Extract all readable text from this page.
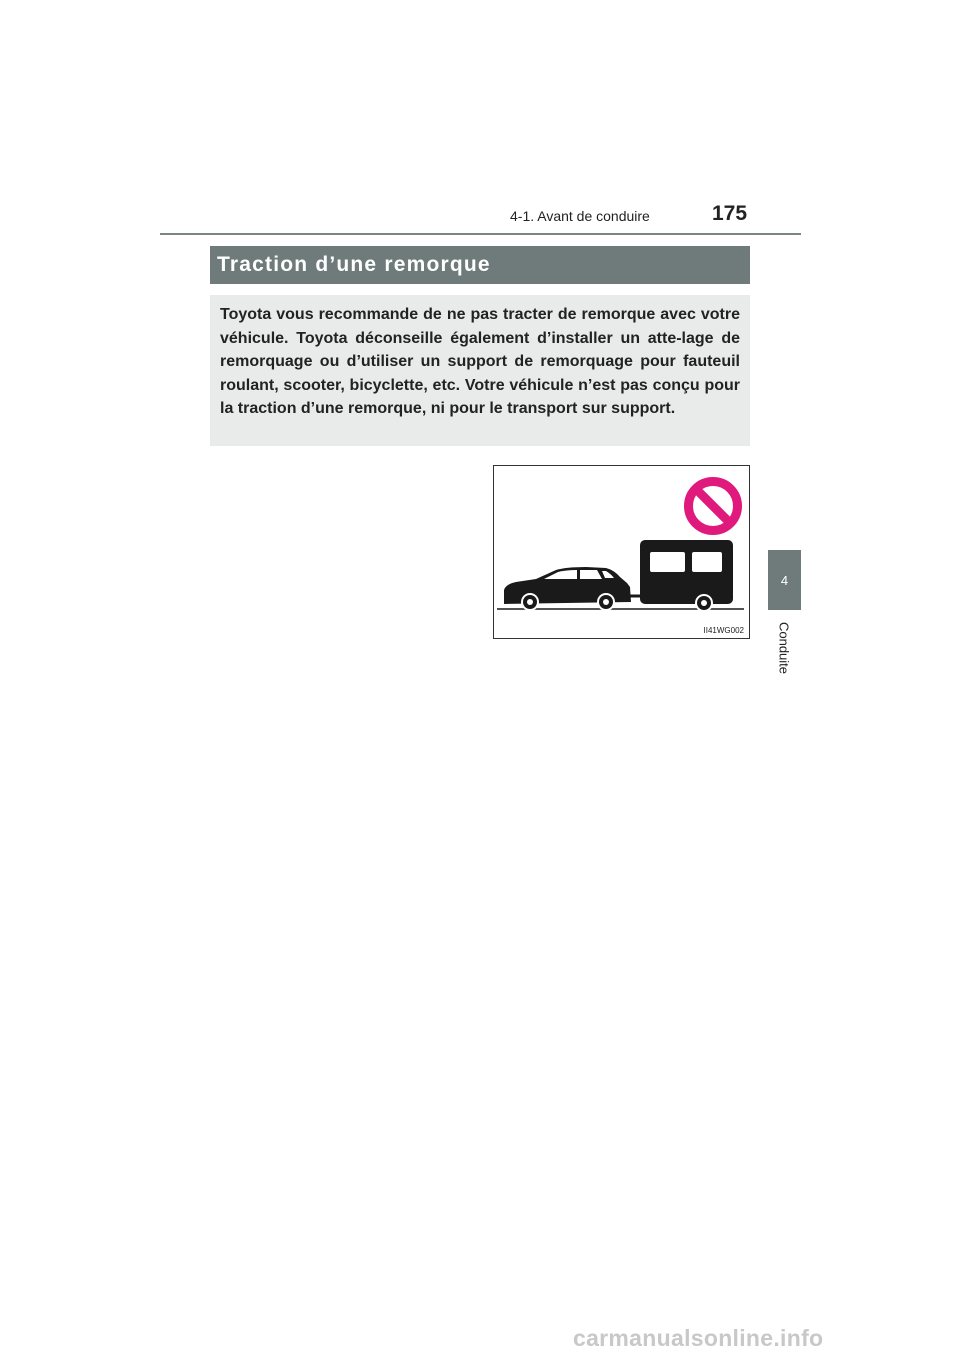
4-1. Avant de conduire	175
Traction d’une remorque

Toyota vous recommande de ne pas tracter de remorque avec votre véhicule. Toyota déconseille également d’installer un atte-lage de remorquage ou d’utiliser un support de remorquage pour fauteuil roulant, scooter, bicyclette, etc. Votre véhicule n’est pas conçu pour la traction d’une remorque, ni pour le transport sur support.

II41WG002
4
Conduite
carmanualsonline.info
